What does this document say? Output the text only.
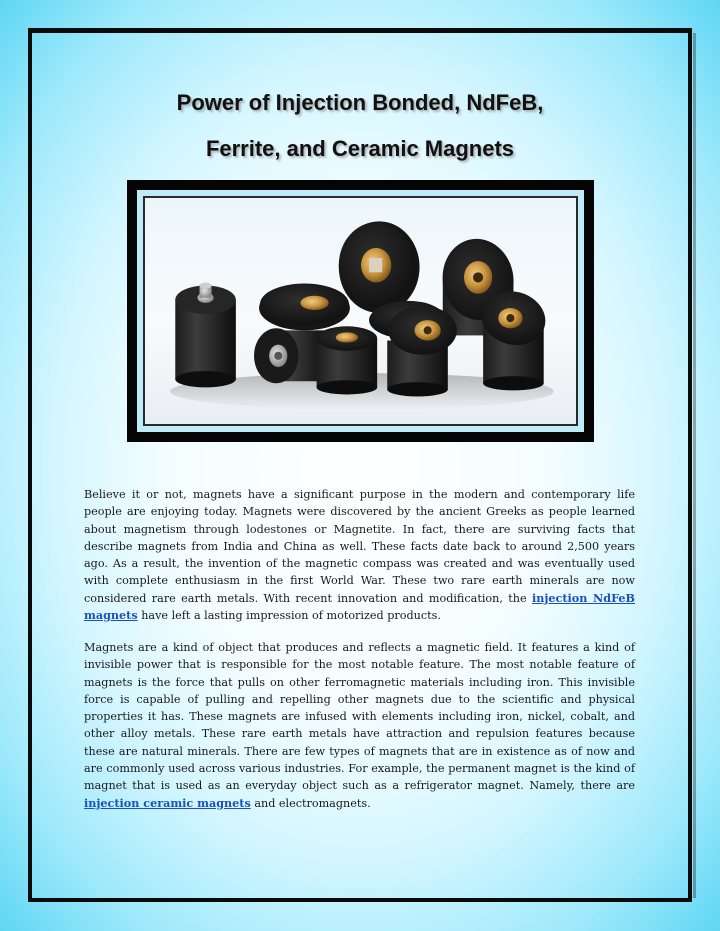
Power of Injection Bonded, NdFeB,
Ferrite, and Ceramic Magnets

Believe it or not, magnets have a significant purpose in the modern and contemporary life people are enjoying today. Magnets were discovered by the ancient Greeks as people learned about magnetism through lodestones or Magnetite. In fact, there are surviving facts that describe magnets from India and China as well. These facts date back to around 2,500 years ago. As a result, the invention of the magnetic compass was created and was eventually used with complete enthusiasm in the first World War. These two rare earth minerals are now considered rare earth metals. With recent innovation and modification, the injection NdFeB magnets have left a lasting impression of motorized products.

Magnets are a kind of object that produces and reflects a magnetic field. It features a kind of invisible power that is responsible for the most notable feature. The most notable feature of magnets is the force that pulls on other ferromagnetic materials including iron. This invisible force is capable of pulling and repelling other magnets due to the scientific and physical properties it has. These magnets are infused with elements including iron, nickel, cobalt, and other alloy metals. These rare earth metals have attraction and repulsion features because these are natural minerals. There are few types of magnets that are in existence as of now and are commonly used across various industries. For example, the permanent magnet is the kind of magnet that is used as an everyday object such as a refrigerator magnet. Namely, there are injection ceramic magnets and electromagnets.
